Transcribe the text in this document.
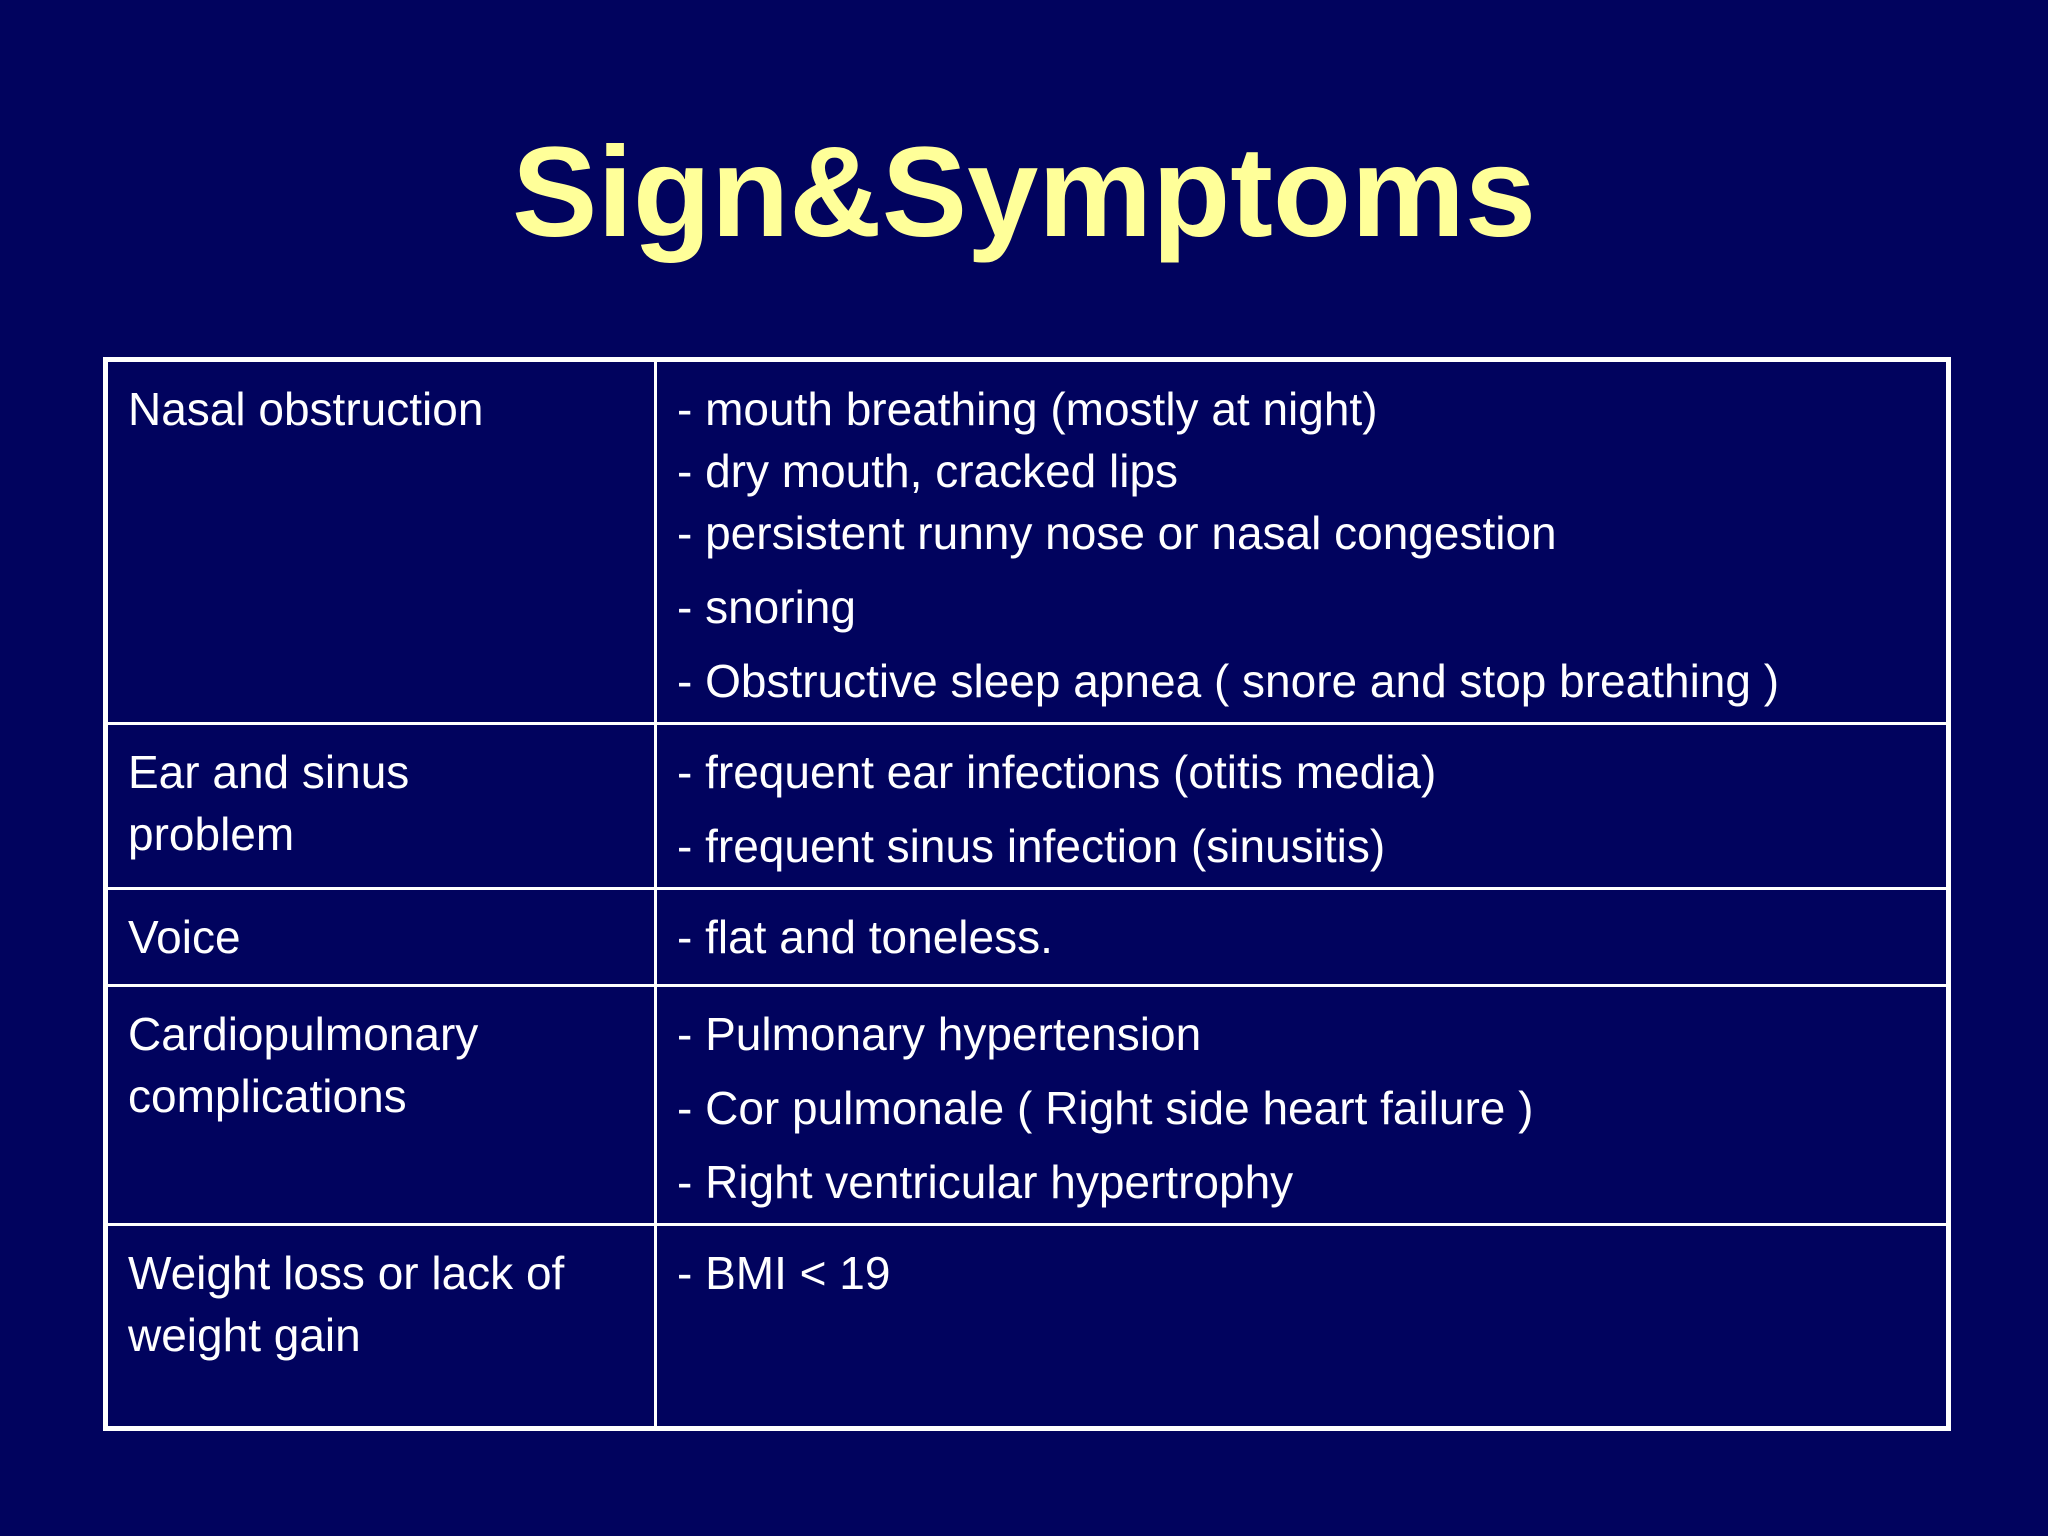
Sign&Symptoms
Nasal obstruction	- mouth breathing (mostly at night)
- dry mouth, cracked lips
- persistent runny nose or nasal congestion
- snoring
- Obstructive sleep apnea ( snore and stop breathing )

Ear and sinus
problem	- frequent ear infections (otitis media)
- frequent sinus infection (sinusitis)

Voice	- flat and toneless.

Cardiopulmonary
complications	- Pulmonary hypertension
- Cor pulmonale ( Right side heart failure )
- Right ventricular hypertrophy

Weight loss or lack of
weight gain	- BMI < 19
